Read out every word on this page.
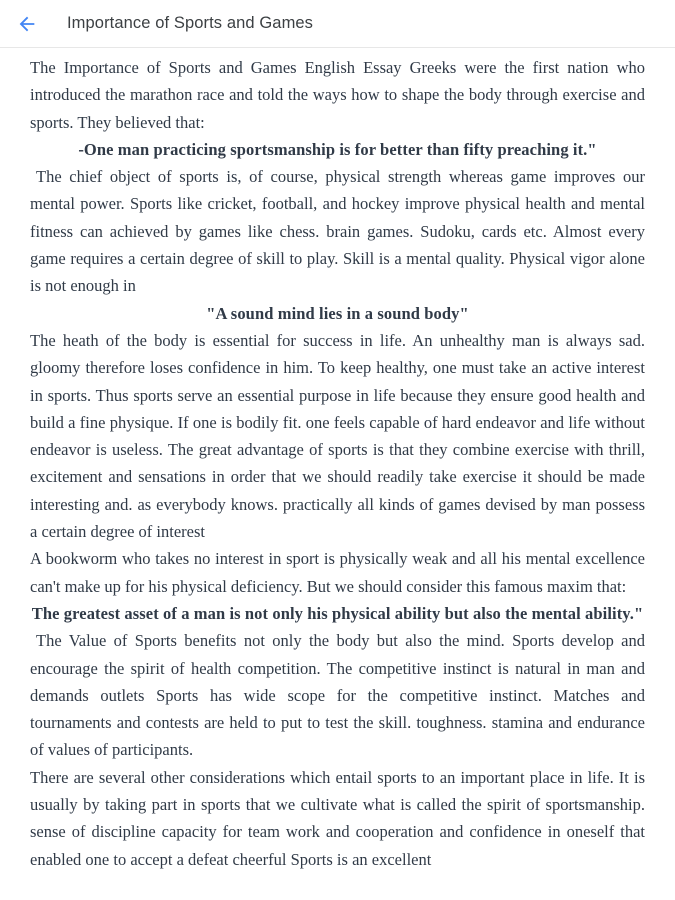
Importance of Sports and Games

The Importance of Sports and Games English Essay Greeks were the first nation who introduced the marathon race and told the ways how to shape the body through exercise and sports. They believed that:

-One man practicing sportsmanship is for better than fifty preaching it."

The chief object of sports is, of course, physical strength whereas game improves our mental power. Sports like cricket, football, and hockey improve physical health and mental fitness can achieved by games like chess. brain games. Sudoku, cards etc. Almost every game requires a certain degree of skill to play. Skill is a mental quality. Physical vigor alone is not enough in

"A sound mind lies in a sound body"

The heath of the body is essential for success in life. An unhealthy man is always sad. gloomy therefore loses confidence in him. To keep healthy, one must take an active interest in sports. Thus sports serve an essential purpose in life because they ensure good health and build a fine physique. If one is bodily fit. one feels capable of hard endeavor and life without endeavor is useless. The great advantage of sports is that they combine exercise with thrill, excitement and sensations in order that we should readily take exercise it should be made interesting and. as everybody knows. practically all kinds of games devised by man possess a certain degree of interest

A bookworm who takes no interest in sport is physically weak and all his mental excellence can't make up for his physical deficiency. But we should consider this famous maxim that:

The greatest asset of a man is not only his physical ability but also the mental ability."

The Value of Sports benefits not only the body but also the mind. Sports develop and encourage the spirit of health competition. The competitive instinct is natural in man and demands outlets Sports has wide scope for the competitive instinct. Matches and tournaments and contests are held to put to test the skill. toughness. stamina and endurance of values of participants.

There are several other considerations which entail sports to an important place in life. It is usually by taking part in sports that we cultivate what is called the spirit of sportsmanship. sense of discipline capacity for team work and cooperation and confidence in oneself that enabled one to accept a defeat cheerful Sports is an excellent
